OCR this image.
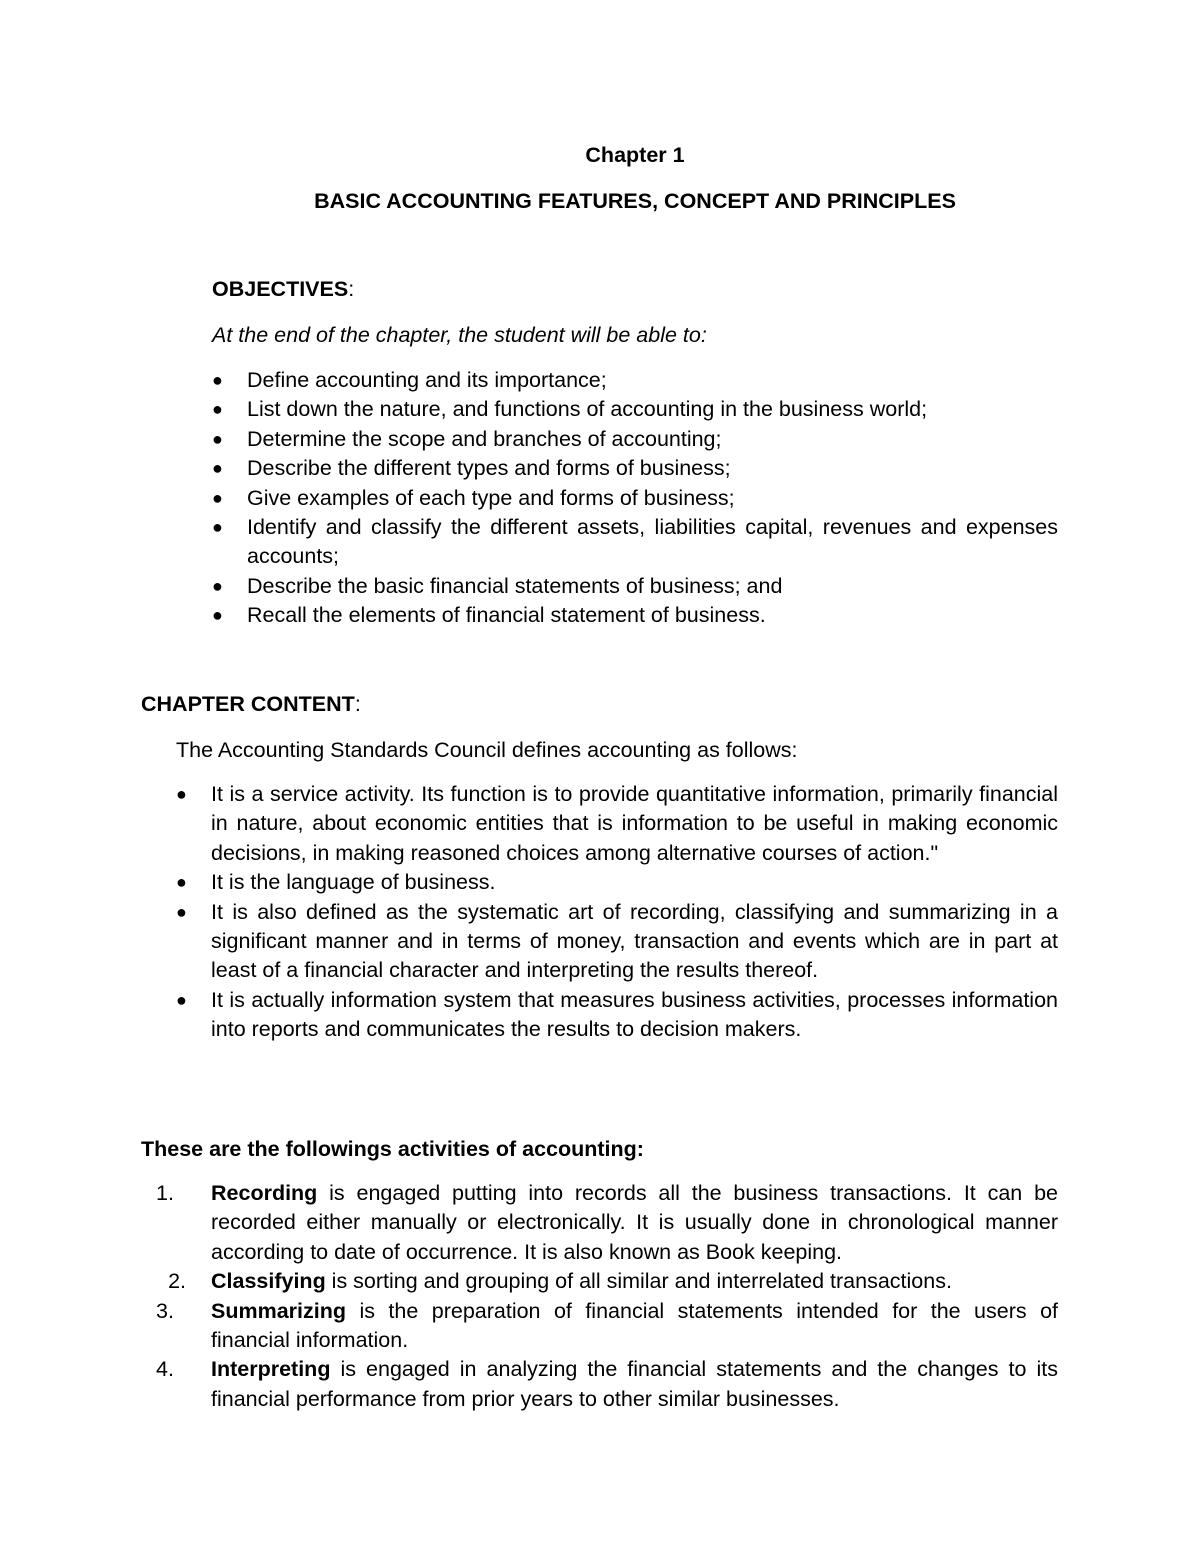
Chapter 1
BASIC ACCOUNTING FEATURES, CONCEPT AND PRINCIPLES
OBJECTIVES:
At the end of the chapter, the student will be able to:
● Define accounting and its importance;
● List down the nature, and functions of accounting in the business world;
● Determine the scope and branches of accounting;
● Describe the different types and forms of business;
● Give examples of each type and forms of business;
● Identify and classify the different assets, liabilities capital, revenues and expenses accounts;
● Describe the basic financial statements of business; and
● Recall the elements of financial statement of business.
CHAPTER CONTENT:
The Accounting Standards Council defines accounting as follows:
● It is a service activity. Its function is to provide quantitative information, primarily financial in nature, about economic entities that is information to be useful in making economic decisions, in making reasoned choices among alternative courses of action."
● It is the language of business.
● It is also defined as the systematic art of recording, classifying and summarizing in a significant manner and in terms of money, transaction and events which are in part at least of a financial character and interpreting the results thereof.
● It is actually information system that measures business activities, processes information into reports and communicates the results to decision makers.
These are the followings activities of accounting:
1.	Recording is engaged putting into records all the business transactions. It can be recorded either manually or electronically. It is usually done in chronological manner according to date of occurrence. It is also known as Book keeping.
2. Classifying is sorting and grouping of all similar and interrelated transactions.
3.	Summarizing is the preparation of financial statements intended for the users of financial information.
4.	Interpreting is engaged in analyzing the financial statements and the changes to its financial performance from prior years to other similar businesses.
